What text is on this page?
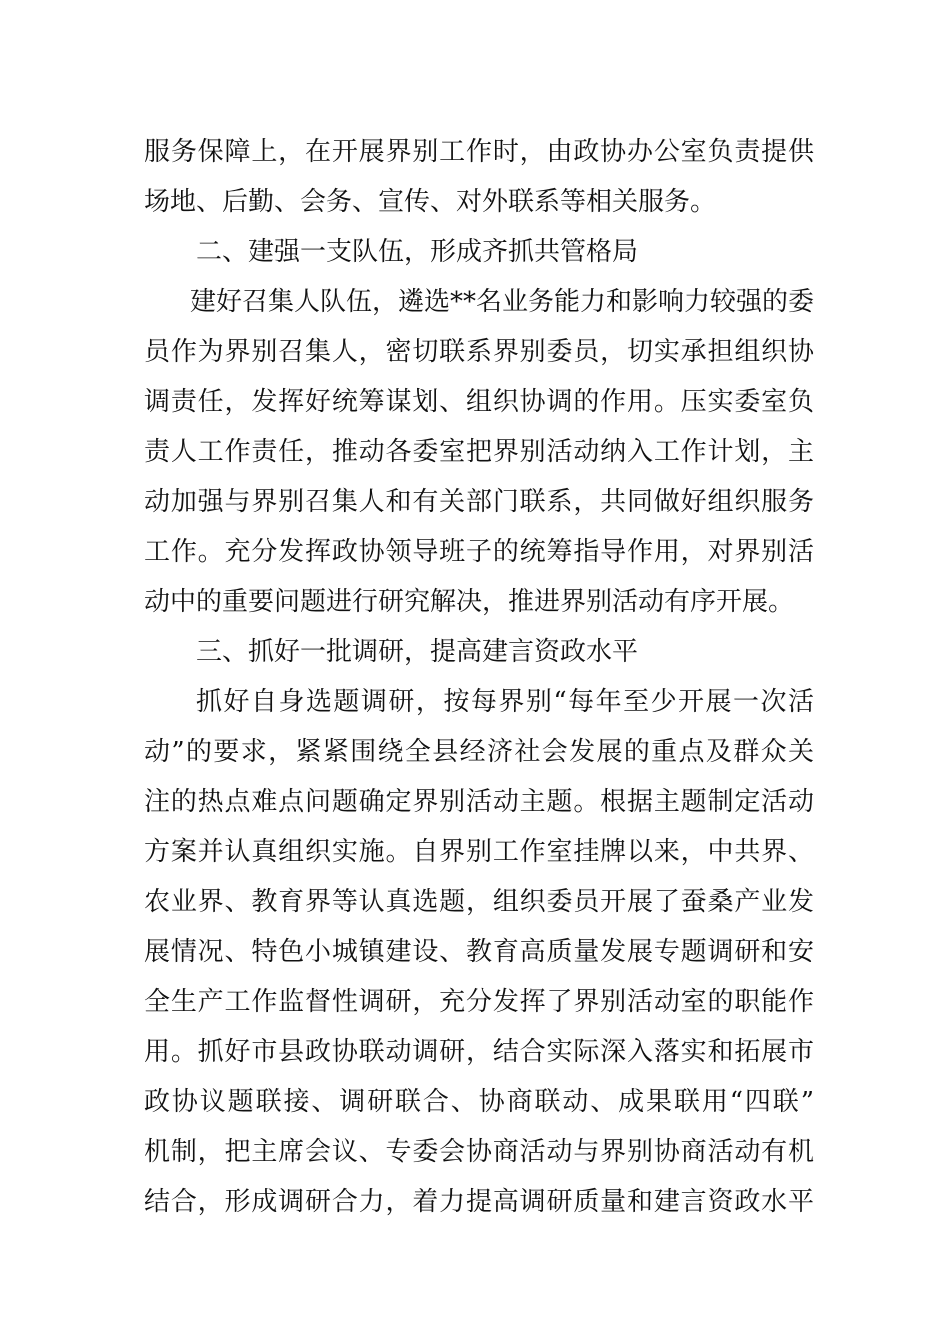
服务保障上，在开展界别工作时，由政协办公室负责提供
场地、后勤、会务、宣传、对外联系等相关服务。
二、建强一支队伍，形成齐抓共管格局
建好召集人队伍，遴选**名业务能力和影响力较强的委
员作为界别召集人，密切联系界别委员，切实承担组织协
调责任，发挥好统筹谋划、组织协调的作用。压实委室负
责人工作责任，推动各委室把界别活动纳入工作计划，主
动加强与界别召集人和有关部门联系，共同做好组织服务
工作。充分发挥政协领导班子的统筹指导作用，对界别活
动中的重要问题进行研究解决，推进界别活动有序开展。
三、抓好一批调研，提高建言资政水平
抓好自身选题调研，按每界别“每年至少开展一次活
动”的要求，紧紧围绕全县经济社会发展的重点及群众关
注的热点难点问题确定界别活动主题。根据主题制定活动
方案并认真组织实施。自界别工作室挂牌以来，中共界、
农业界、教育界等认真选题，组织委员开展了蚕桑产业发
展情况、特色小城镇建设、教育高质量发展专题调研和安
全生产工作监督性调研，充分发挥了界别活动室的职能作
用。抓好市县政协联动调研，结合实际深入落实和拓展市
政协议题联接、调研联合、协商联动、成果联用“四联”
机制，把主席会议、专委会协商活动与界别协商活动有机
结合，形成调研合力，着力提高调研质量和建言资政水平
